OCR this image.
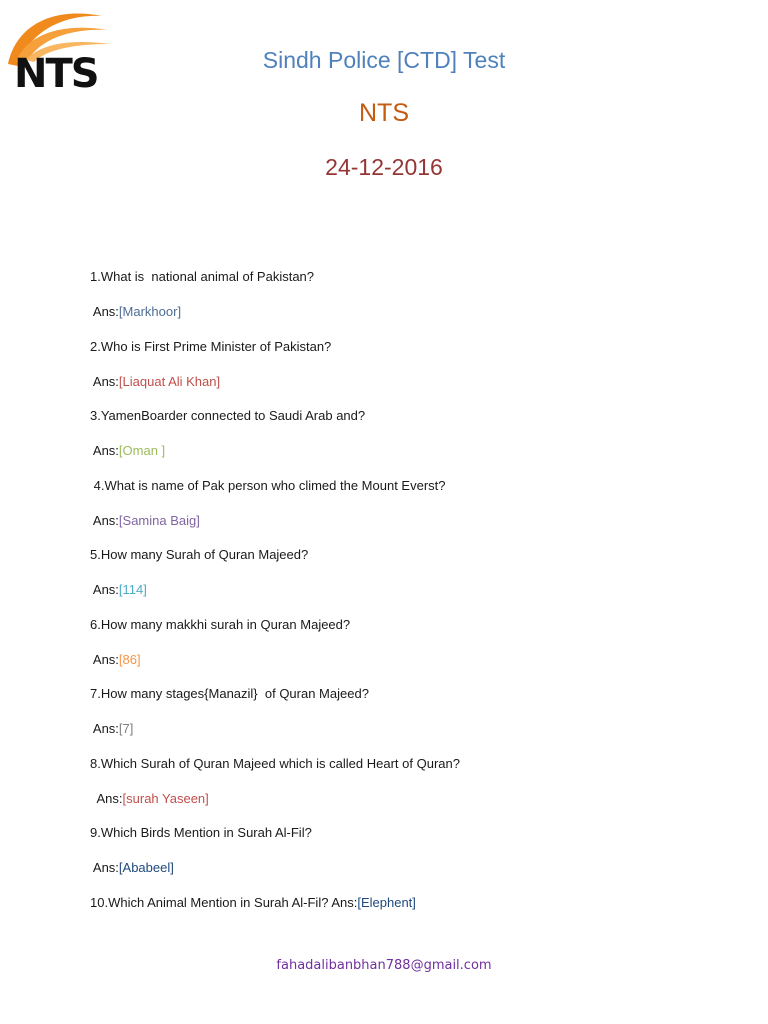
NTS	Sindh Police [CTD] Test
NTS
24-12-2016
1.What is  national animal of Pakistan?
Ans:[Markhoor]
2.Who is First Prime Minister of Pakistan?
Ans:[Liaquat Ali Khan]
3.YamenBoarder connected to Saudi Arab and?
Ans:[Oman ]
4.What is name of Pak person who climed the Mount Everst?
Ans:[Samina Baig]
5.How many Surah of Quran Majeed?
Ans:[114]
6.How many makkhi surah in Quran Majeed?
Ans:[86]
7.How many stages{Manazil}  of Quran Majeed?
Ans:[7]
8.Which Surah of Quran Majeed which is called Heart of Quran?
Ans:[surah Yaseen]
9.Which Birds Mention in Surah Al-Fil?
Ans:[Ababeel]
10.Which Animal Mention in Surah Al-Fil? Ans:[Elephent]
fahadalibanbhan788@gmail.com
